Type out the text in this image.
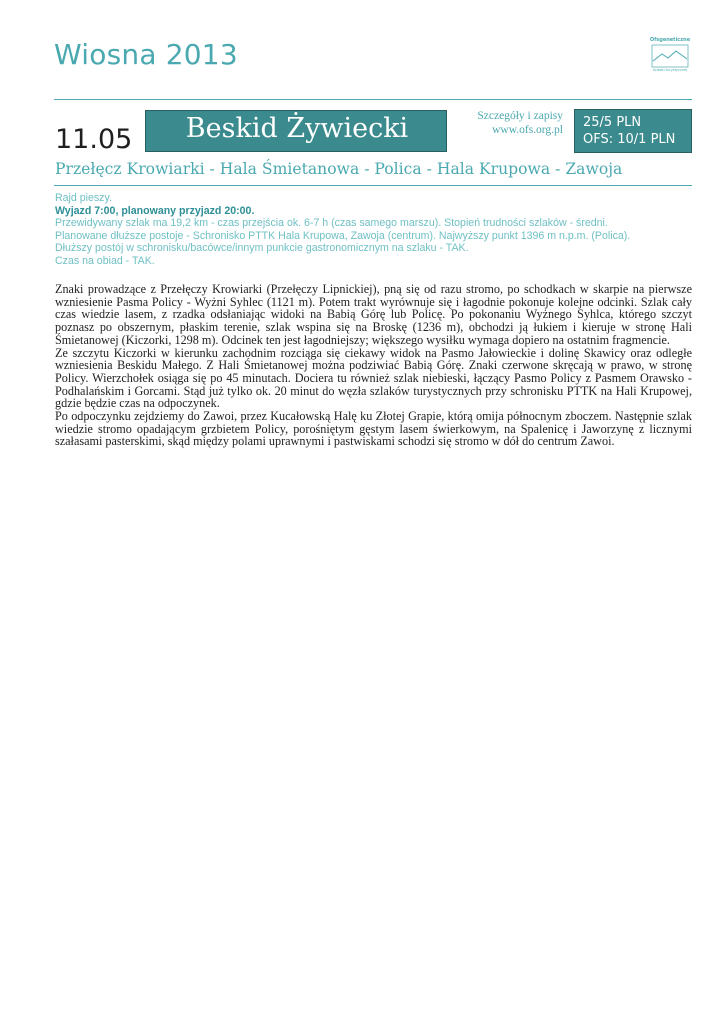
Wiosna 2013	Ofsgeneticzne
ścieżki turystycznej
11.05	Beskid Żywiecki	Szczegóły i zapisy
www.ofs.org.pl 25/5 PLN
OFS: 10/1 PLN
Przełęcz Krowiarki - Hala Śmietanowa - Polica - Hala Krupowa - Zawoja
Rajd pieszy.
Wyjazd 7:00, planowany przyjazd 20:00.
Przewidywany szlak ma 19,2 km - czas przejścia ok. 6-7 h (czas samego marszu). Stopień trudności szlaków - średni.
Planowane dłuższe postoje - Schronisko PTTK Hala Krupowa, Zawoja (centrum). Najwyższy punkt 1396 m n.p.m. (Polica).
Dłuższy postój w schronisku/bacówce/innym punkcie gastronomicznym na szlaku - TAK.
Czas na obiad - TAK.

Znaki prowadzące z Przełęczy Krowiarki (Przełęczy Lipnickiej), pną się od razu stromo, po schodkach w skarpie na pierwsze wzniesienie Pasma Policy - Wyżni Syhlec (1121 m). Potem trakt wyrównuje się i łagodnie pokonuje kolejne odcinki. Szlak cały czas wiedzie lasem, z rzadka odsłaniając widoki na Babią Górę lub Policę. Po pokonaniu Wyżnego Syhlca, którego szczyt poznasz po obszernym, płaskim terenie, szlak wspina się na Broskę (1236 m), obchodzi ją łukiem i kieruje w stronę Hali Śmietanowej (Kiczorki, 1298 m). Odcinek ten jest łagodniejszy; większego wysiłku wymaga dopiero na ostatnim fragmencie.

Ze szczytu Kiczorki w kierunku zachodnim rozciąga się ciekawy widok na Pasmo Jałowieckie i dolinę Skawicy oraz odległe wzniesienia Beskidu Małego. Z Hali Śmietanowej można podziwiać Babią Górę. Znaki czerwone skręcają w prawo, w stronę Policy. Wierzchołek osiąga się po 45 minutach. Dociera tu również szlak niebieski, łączący Pasmo Policy z Pasmem Orawsko - Podhalańskim i Gorcami. Stąd już tylko ok. 20 minut do węzła szlaków turystycznych przy schronisku PTTK na Hali Krupowej, gdzie będzie czas na odpoczynek.

Po odpoczynku zejdziemy do Zawoi, przez Kucałowską Halę ku Złotej Grapie, którą omija północnym zboczem. Następnie szlak wiedzie stromo opadającym grzbietem Policy, porośniętym gęstym lasem świerkowym, na Spalenicę i Jaworzynę z licznymi szałasami pasterskimi, skąd między polami uprawnymi i pastwiskami schodzi się stromo w dół do centrum Zawoi.
